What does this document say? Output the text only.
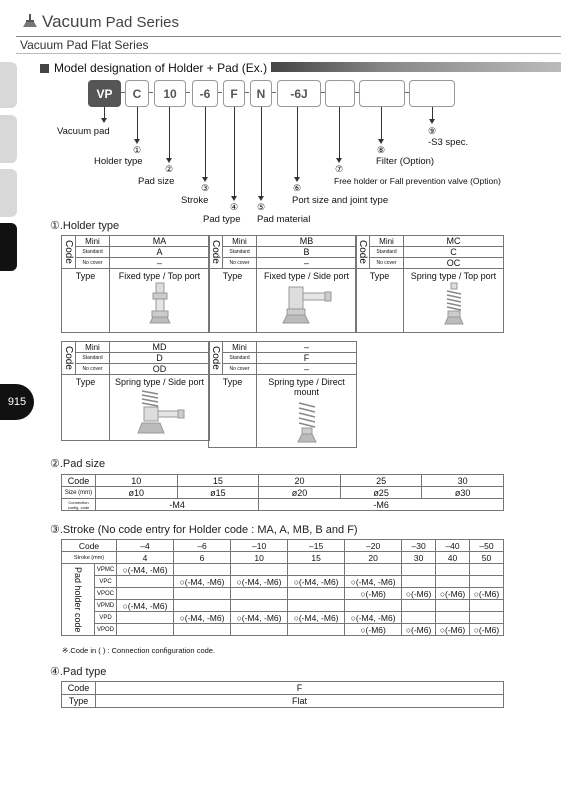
915
Vacuum Pad Series
Vacuum Pad Flat Series
Model designation of Holder + Pad (Ex.)
VP	C	10	-6	F	N	-6J
Vacuum pad
①
Holder type
②
Pad size
③
Stroke
④
Pad type
⑤
Pad material
⑥
Port size and joint type
⑦
Free holder or Fall prevention valve (Option)
⑧
Filter (Option)
⑨
-S3 spec.
①.Holder type
Code	Mini	MA
	Standard	A
	No cover	–
Type		Fixed type / Top port
Code	Mini	MB
	Standard	B
	No cover	–
Type		Fixed type / Side port
Code	Mini	MC
	Standard	C
	No cover	OC
Type		Spring type / Top port
Code	Mini	MD
	Standard	D
	No cover	OD
Type		Spring type / Side port
Code	Mini	–
	Standard	F
	No cover	–
Type		Spring type / Direct mount
②.Pad size
Code	10	15	20	25	30
Size (mm)	ø10	ø15	ø20	ø25	ø30
Connection config. code	-M4		-M6		
③.Stroke (No code entry for Holder code : MA, A, MB, B and F)
Code		–4	–6	–10	–15	–20	–30	–40	–50
Stroke (mm)		4	6	10	15	20	30	40	50
Pad holder code	VPMC	○(-M4, -M6)							
	VPC		○(-M4, -M6)	○(-M4, -M6)	○(-M4, -M6)	○(-M4, -M6)			
	VPOC					○(-M6)	○(-M6)	○(-M6)	○(-M6)
	VPMD	○(-M4, -M6)							
	VPD		○(-M4, -M6)	○(-M4, -M6)	○(-M4, -M6)	○(-M4, -M6)			
	VPOD					○(-M6)	○(-M6)	○(-M6)	○(-M6)
※.Code in ( ) : Connection configuration code.
④.Pad type
Code	F
Type	Flat
